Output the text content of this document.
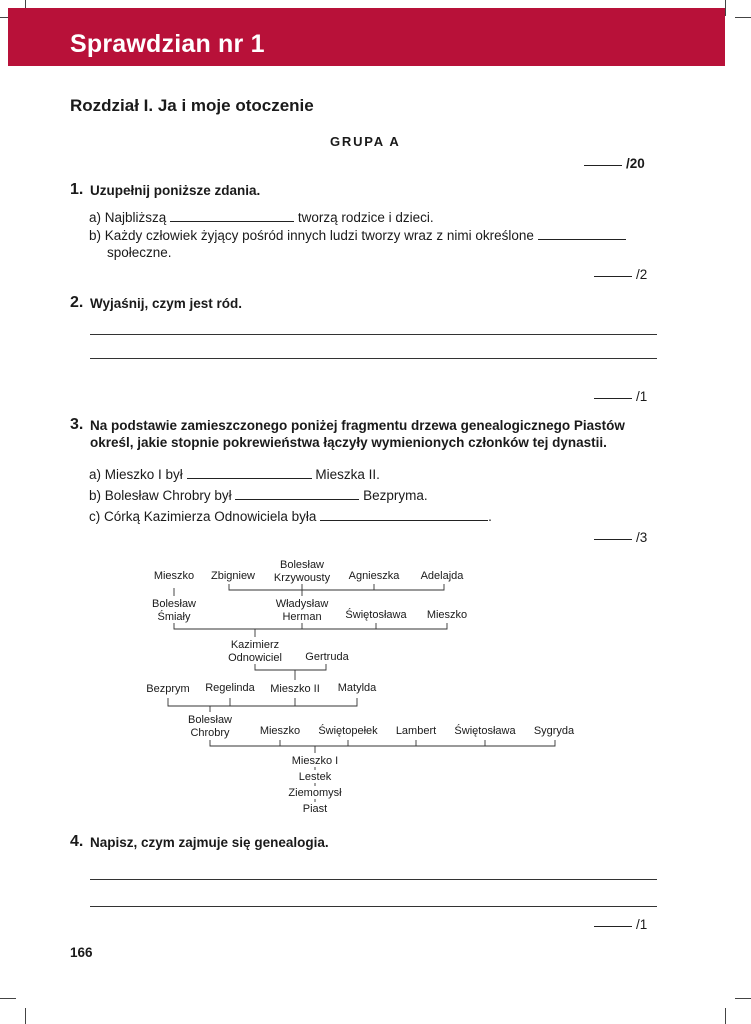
Sprawdzian nr 1
Rozdział I. Ja i moje otoczenie
GRUPA A
/20
1. Uzupełnij poniższe zdania.
a) Najbliższą	tworzą rodzice i dzieci.
b) Każdy człowiek żyjący pośród innych ludzi tworzy wraz z nimi określone
społeczne.
/2
2. Wyjaśnij, czym jest ród.
/1
3. Na podstawie zamieszczonego poniżej fragmentu drzewa genealogicznego Piastów
określ, jakie stopnie pokrewieństwa łączyły wymienionych członków tej dynastii.
a) Mieszko I był	Mieszka II.
b) Bolesław Chrobry był	Bezpryma.
c) Córką Kazimierza Odnowiciela była	.
/3
Mieszko	Zbigniew
Bolesław
Krzywousty	Agnieszka	Adelajda
Bolesław
Śmiały
Władysław
Herman	Świętosława	Mieszko
Kazimierz
Odnowiciel	Gertruda
Bezprym	Regelinda	Mieszko II	Matylda
Bolesław
Chrobry	Mieszko	Świętopełek	Lambert	Świętosława	Sygryda
Mieszko I
Lestek
Ziemomysł
Piast
4. Napisz, czym zajmuje się genealogia.
/1
166
